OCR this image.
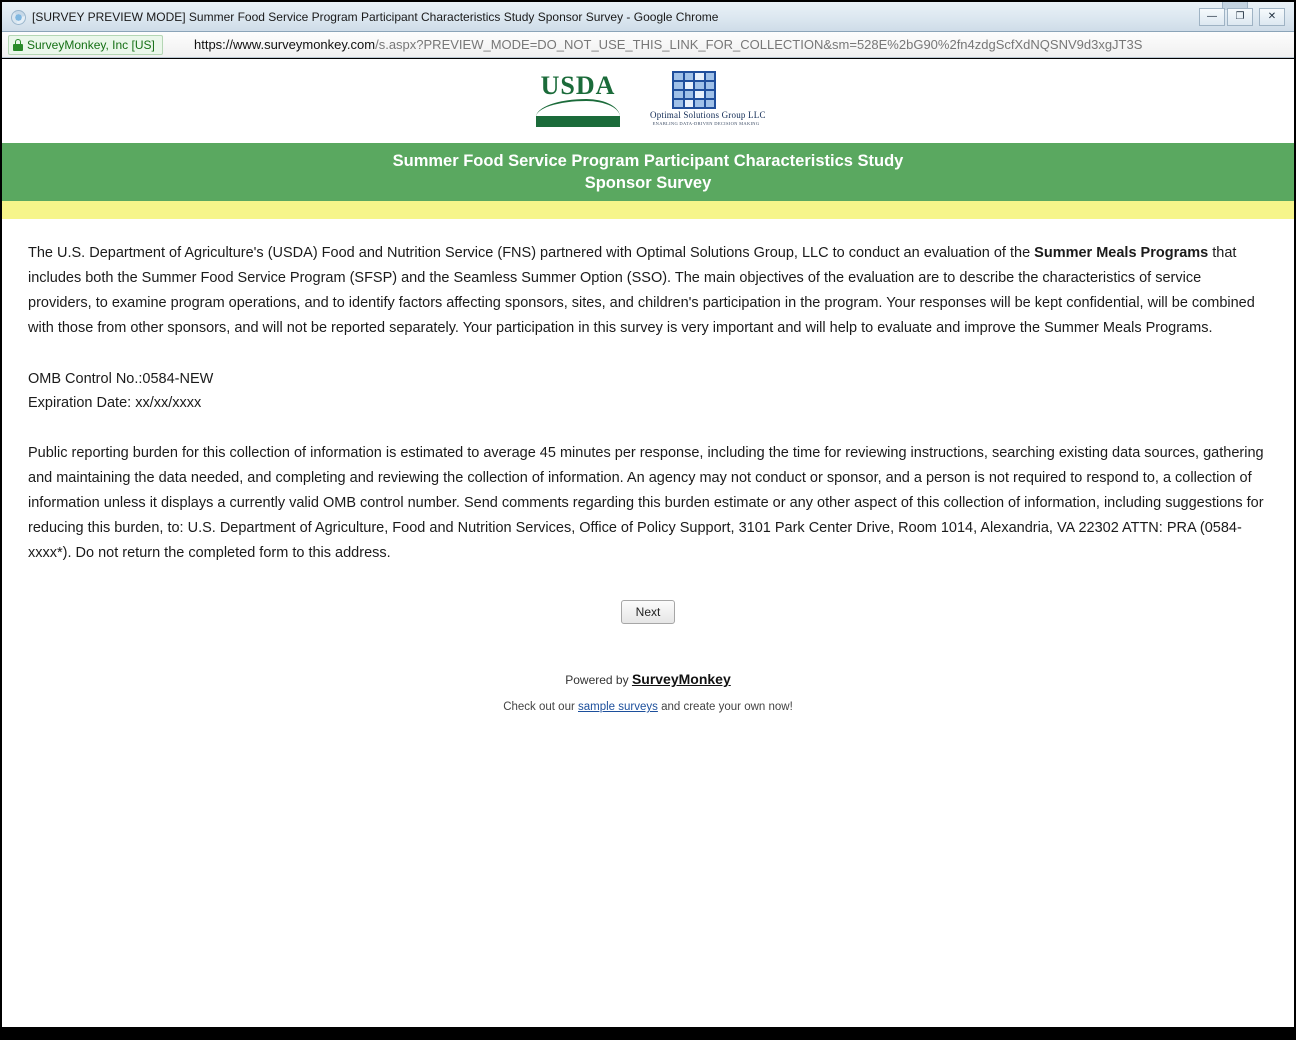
[SURVEY PREVIEW MODE] Summer Food Service Program Participant Characteristics Study Sponsor Survey - Google Chrome	—	❐	✕
SurveyMonkey, Inc [US]	https://www.surveymonkey.com/s.aspx?PREVIEW_MODE=DO_NOT_USE_THIS_LINK_FOR_COLLECTION&sm=528E%2bG90%2fn4zdgScfXdNQSNV9d3xgJT3S
USDA
Optimal Solutions Group LLC
ENABLING DATA-DRIVEN DECISION MAKING
Summer Food Service Program Participant Characteristics Study
Sponsor Survey

The U.S. Department of Agriculture's (USDA) Food and Nutrition Service (FNS) partnered with Optimal Solutions Group, LLC to conduct an evaluation of the Summer Meals Programs that includes both the Summer Food Service Program (SFSP) and the Seamless Summer Option (SSO). The main objectives of the evaluation are to describe the characteristics of service providers, to examine program operations, and to identify factors affecting sponsors, sites, and children's participation in the program. Your responses will be kept confidential, will be combined with those from other sponsors, and will not be reported separately. Your participation in this survey is very important and will help to evaluate and improve the Summer Meals Programs.

OMB Control No.:0584-NEW

Expiration Date: xx/xx/xxxx

Public reporting burden for this collection of information is estimated to average 45 minutes per response, including the time for reviewing instructions, searching existing data sources, gathering and maintaining the data needed, and completing and reviewing the collection of information. An agency may not conduct or sponsor, and a person is not required to respond to, a collection of information unless it displays a currently valid OMB control number. Send comments regarding this burden estimate or any other aspect of this collection of information, including suggestions for reducing this burden, to: U.S. Department of Agriculture, Food and Nutrition Services, Office of Policy Support, 3101 Park Center Drive, Room 1014, Alexandria, VA 22302 ATTN: PRA (0584-xxxx*). Do not return the completed form to this address.

Next
Powered by SurveyMonkey
Check out our sample surveys and create your own now!
